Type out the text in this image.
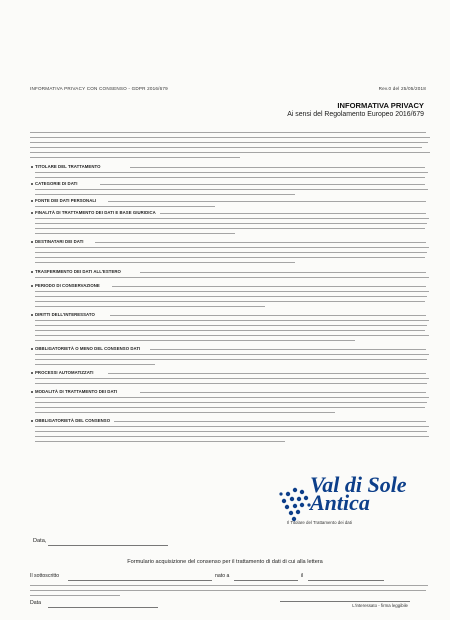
INFORMATIVA PRIVACY CON CONSENSO - GDPR 2016/679	Rev.0 del 25/05/2018
INFORMATIVA PRIVACY
Ai sensi del Regolamento Europeo 2016/679
TITOLARE DEL TRATTAMENTO
CATEGORIE DI DATI
FONTE DEI DATI PERSONALI
FINALITÀ DI TRATTAMENTO DEI DATI E BASE GIURIDICA
DESTINATARI DEI DATI
TRASFERIMENTO DEI DATI ALL'ESTERO
PERIODO DI CONSERVAZIONE
DIRITTI DELL'INTERESSATO
OBBLIGATORIETÀ O MENO DEL CONSENSO DATI
PROCESSI AUTOMATIZZATI
MODALITÀ DI TRATTAMENTO DEI DATI
OBBLIGATORIETÀ DEL CONSENSO
Val di Sole
Antica
Il Titolare del Trattamento dei dati
Data,
Formulario acquisizione del consenso per il trattamento di dati di cui alla lettera
Il sottoscritto	nato a	il
Data	L'interessato - firma leggibile
